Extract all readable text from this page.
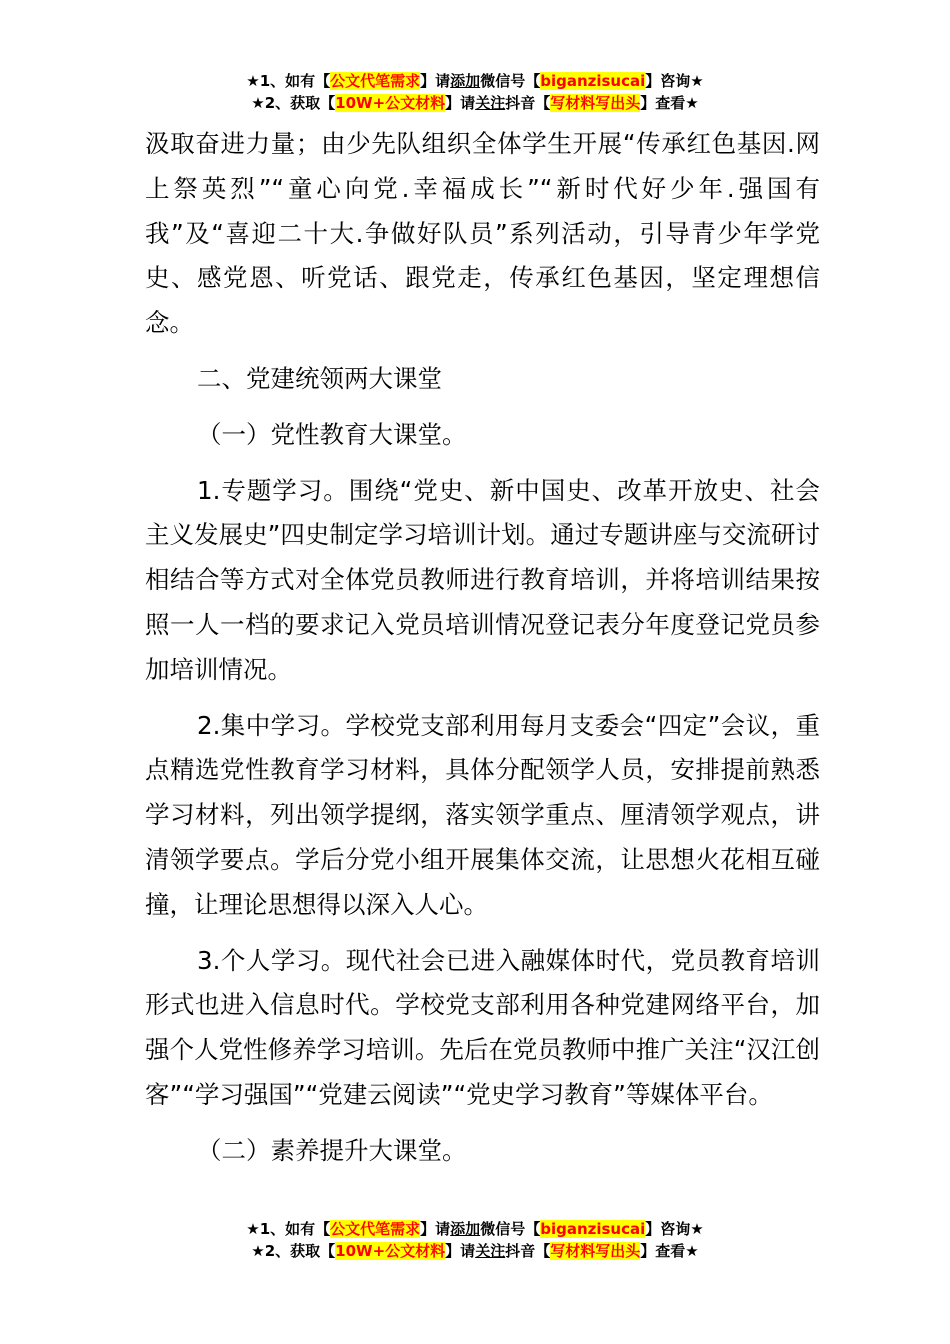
★1、如有【公文代笔需求】请添加微信号【biganzisucai】咨询★
★2、获取【10W+公文材料】请关注抖音【写材料写出头】查看★

汲取奋进力量；由少先队组织全体学生开展“传承红色基因.网上祭英烈”“童心向党.幸福成长”“新时代好少年.强国有我”及“喜迎二十大.争做好队员”系列活动，引导青少年学党史、感党恩、听党话、跟党走，传承红色基因，坚定理想信念。

二、党建统领两大课堂

（一）党性教育大课堂。

1.专题学习。围绕“党史、新中国史、改革开放史、社会主义发展史”四史制定学习培训计划。通过专题讲座与交流研讨相结合等方式对全体党员教师进行教育培训，并将培训结果按照一人一档的要求记入党员培训情况登记表分年度登记党员参加培训情况。

2.集中学习。学校党支部利用每月支委会“四定”会议，重点精选党性教育学习材料，具体分配领学人员，安排提前熟悉学习材料，列出领学提纲，落实领学重点、厘清领学观点，讲清领学要点。学后分党小组开展集体交流，让思想火花相互碰撞，让理论思想得以深入人心。

3.个人学习。现代社会已进入融媒体时代，党员教育培训形式也进入信息时代。学校党支部利用各种党建网络平台，加强个人党性修养学习培训。先后在党员教师中推广关注“汉江创客”“学习强国”“党建云阅读”“党史学习教育”等媒体平台。

（二）素养提升大课堂。

★1、如有【公文代笔需求】请添加微信号【biganzisucai】咨询★
★2、获取【10W+公文材料】请关注抖音【写材料写出头】查看★
